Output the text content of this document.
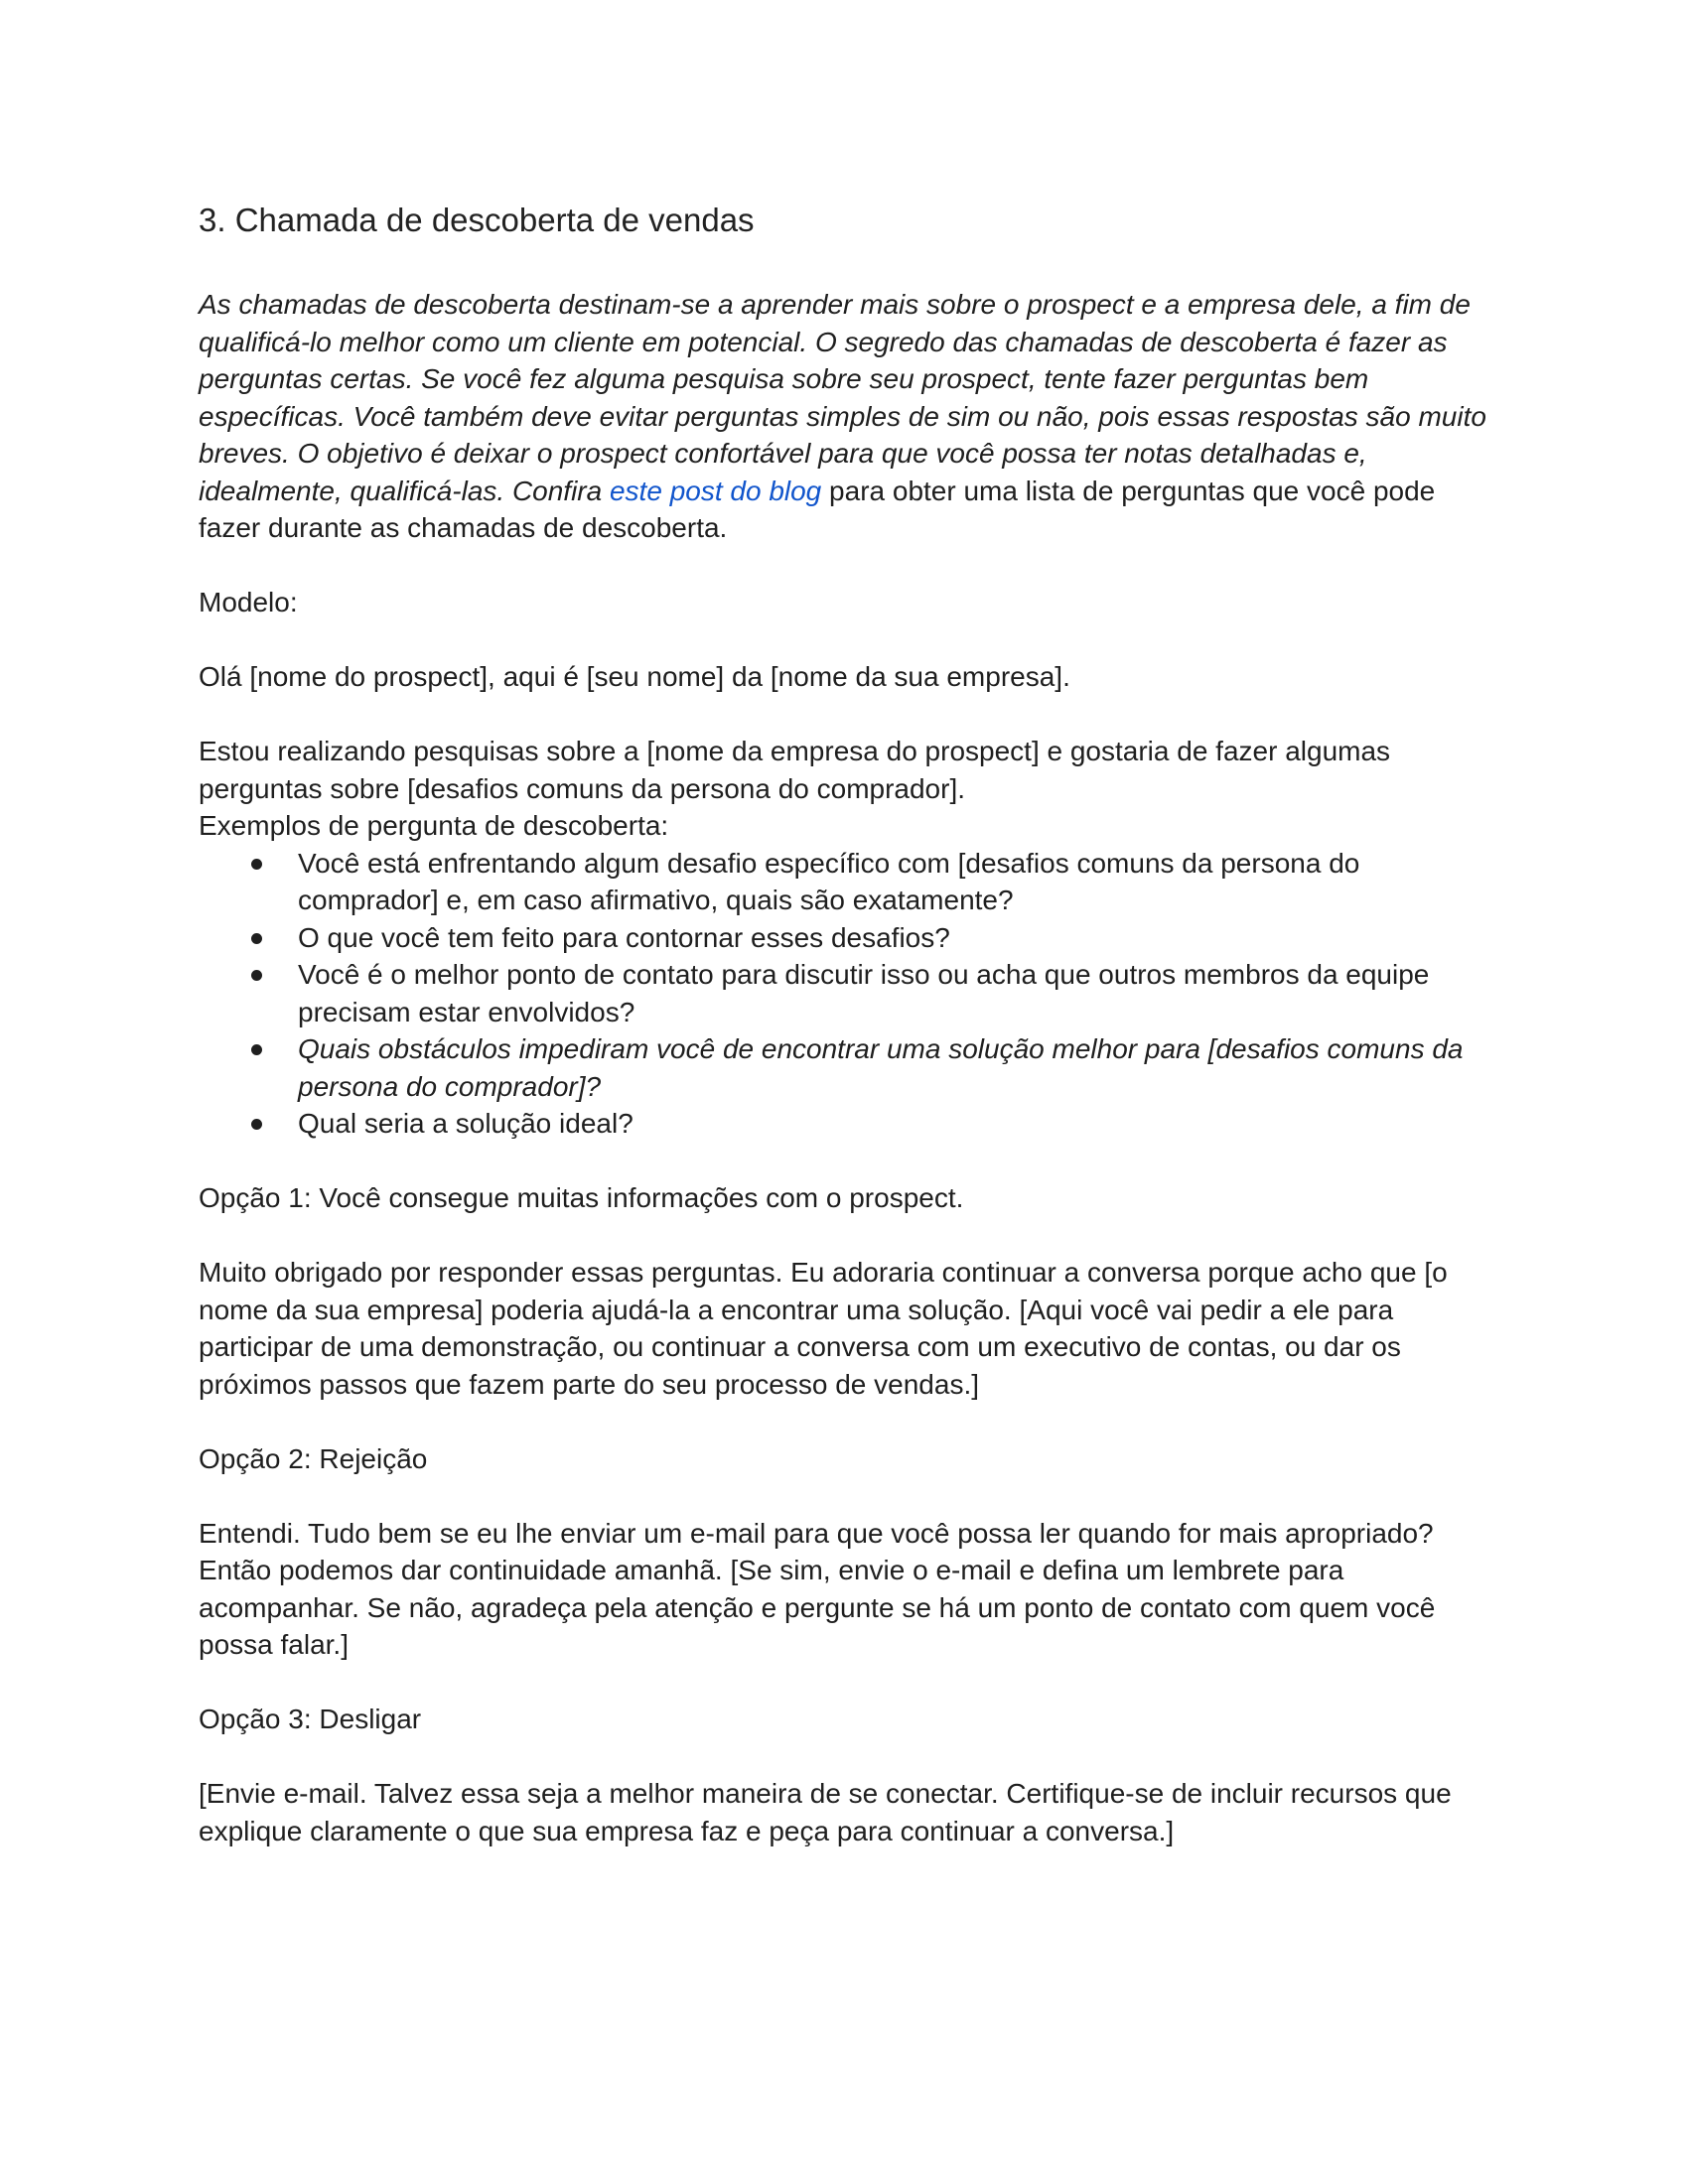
3. Chamada de descoberta de vendas

As chamadas de descoberta destinam-se a aprender mais sobre o prospect e a empresa dele, a fim de qualificá-lo melhor como um cliente em potencial. O segredo das chamadas de descoberta é fazer as perguntas certas. Se você fez alguma pesquisa sobre seu prospect, tente fazer perguntas bem específicas. Você também deve evitar perguntas simples de sim ou não, pois essas respostas são muito breves. O objetivo é deixar o prospect confortável para que você possa ter notas detalhadas e, idealmente, qualificá-las. Confira este post do blog para obter uma lista de perguntas que você pode fazer durante as chamadas de descoberta.

Modelo:

Olá [nome do prospect], aqui é [seu nome] da [nome da sua empresa].

Estou realizando pesquisas sobre a [nome da empresa do prospect] e gostaria de fazer algumas perguntas sobre [desafios comuns da persona do comprador].

Exemplos de pergunta de descoberta:

Você está enfrentando algum desafio específico com [desafios comuns da persona do comprador] e, em caso afirmativo, quais são exatamente?
O que você tem feito para contornar esses desafios?
Você é o melhor ponto de contato para discutir isso ou acha que outros membros da equipe precisam estar envolvidos?
Quais obstáculos impediram você de encontrar uma solução melhor para [desafios comuns da persona do comprador]?
Qual seria a solução ideal?

Opção 1: Você consegue muitas informações com o prospect.

Muito obrigado por responder essas perguntas. Eu adoraria continuar a conversa porque acho que [o nome da sua empresa] poderia ajudá-la a encontrar uma solução. [Aqui você vai pedir a ele para participar de uma demonstração, ou continuar a conversa com um executivo de contas, ou dar os próximos passos que fazem parte do seu processo de vendas.]

Opção 2: Rejeição

Entendi. Tudo bem se eu lhe enviar um e-mail para que você possa ler quando for mais apropriado? Então podemos dar continuidade amanhã. [Se sim, envie o e-mail e defina um lembrete para acompanhar. Se não, agradeça pela atenção e pergunte se há um ponto de contato com quem você possa falar.]

Opção 3: Desligar

[Envie e-mail. Talvez essa seja a melhor maneira de se conectar. Certifique-se de incluir recursos que explique claramente o que sua empresa faz e peça para continuar a conversa.]
